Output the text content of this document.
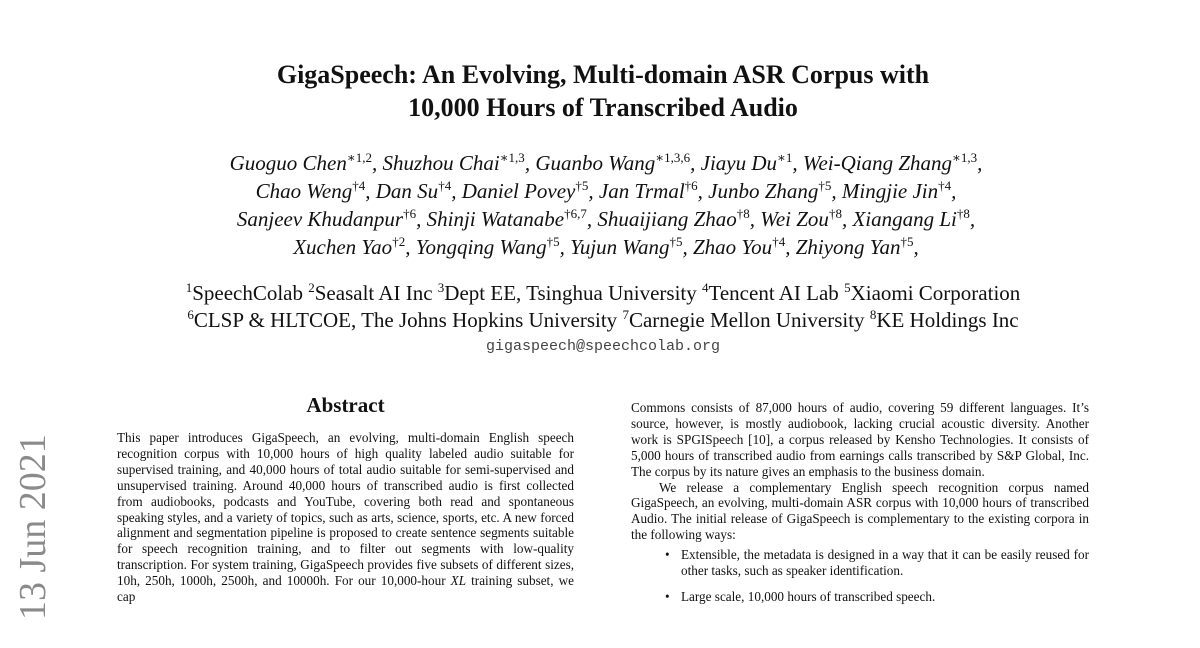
GigaSpeech: An Evolving, Multi-domain ASR Corpus with
10,000 Hours of Transcribed Audio
Guoguo Chen$^{∗1,2}$, Shuzhou Chai$^{∗1,3}$, Guanbo Wang$^{∗1,3,6}$, Jiayu $Du^{∗1}$, Wei-Qiang Zhang$^{∗1,3}$,
Chao Weng$^{\dagger 4}$, Dan Su$^{\dagger 4}$, Daniel Povey$^{\dagger 5}$, Jan Trmal$^{\dagger 6}$, Junbo Zhang$^{\dagger 5}$, Mingjie Jin$^{\dagger 4}$,
Sanjeev Khudanpur$^{\dagger 6}$, Shinji Watanabe$^{\dagger 6,7}$, Shuaijiang Zhao$^{\dagger 8}$, Wei Zou$^{\dagger 8}$, Xiangang Li$^{\dagger 8}$,
Xuchen Yao$^{\dagger 2}$, Yongqing Wang$^{\dagger 5}$, Yujun Wang$^{\dagger 5}$, Zhao You$^{\dagger 4}$, Zhiyong Yan$^{\dagger 5}$,
$^1$SpeechColab $^2$Seasalt AI Inc $^3$Dept EE, Tsinghua University $^4$Tencent AI Lab $^5$Xiaomi Corporation
$^6$CLSP & HLTCOE, The Johns Hopkins University $^7$Carnegie Mellon University $^8$KE Holdings Inc
gigaspeech@speechcolab.org
13 Jun 2021
Abstract

This paper introduces GigaSpeech, an evolving, multi-domain English speech recognition corpus with 10,000 hours of high quality labeled audio suitable for supervised training, and 40,000 hours of total audio suitable for semi-supervised and unsupervised training. Around 40,000 hours of transcribed audio is first collected from audiobooks, podcasts and YouTube, covering both read and spontaneous speaking styles, and a variety of topics, such as arts, science, sports, etc. A new forced alignment and segmentation pipeline is proposed to create sentence segments suitable for speech recognition training, and to filter out segments with low-quality transcription. For system training, GigaSpeech provides five subsets of different sizes, 10h, 250h, 1000h, 2500h, and 10000h. For our 10,000-hour XL training subset, we cap

Commons consists of 87,000 hours of audio, covering 59 different languages. It’s source, however, is mostly audiobook, lacking crucial acoustic diversity. Another work is SPGISpeech [10], a corpus released by Kensho Technologies. It consists of 5,000 hours of transcribed audio from earnings calls transcribed by S&P Global, Inc. The corpus by its nature gives an emphasis to the business domain.

We release a complementary English speech recognition corpus named GigaSpeech, an evolving, multi-domain ASR corpus with 10,000 hours of transcribed Audio. The initial release of GigaSpeech is complementary to the existing corpora in the following ways:

• Extensible, the metadata is designed in a way that it can be easily reused for other tasks, such as speaker identification.
• Large scale, 10,000 hours of transcribed speech.
